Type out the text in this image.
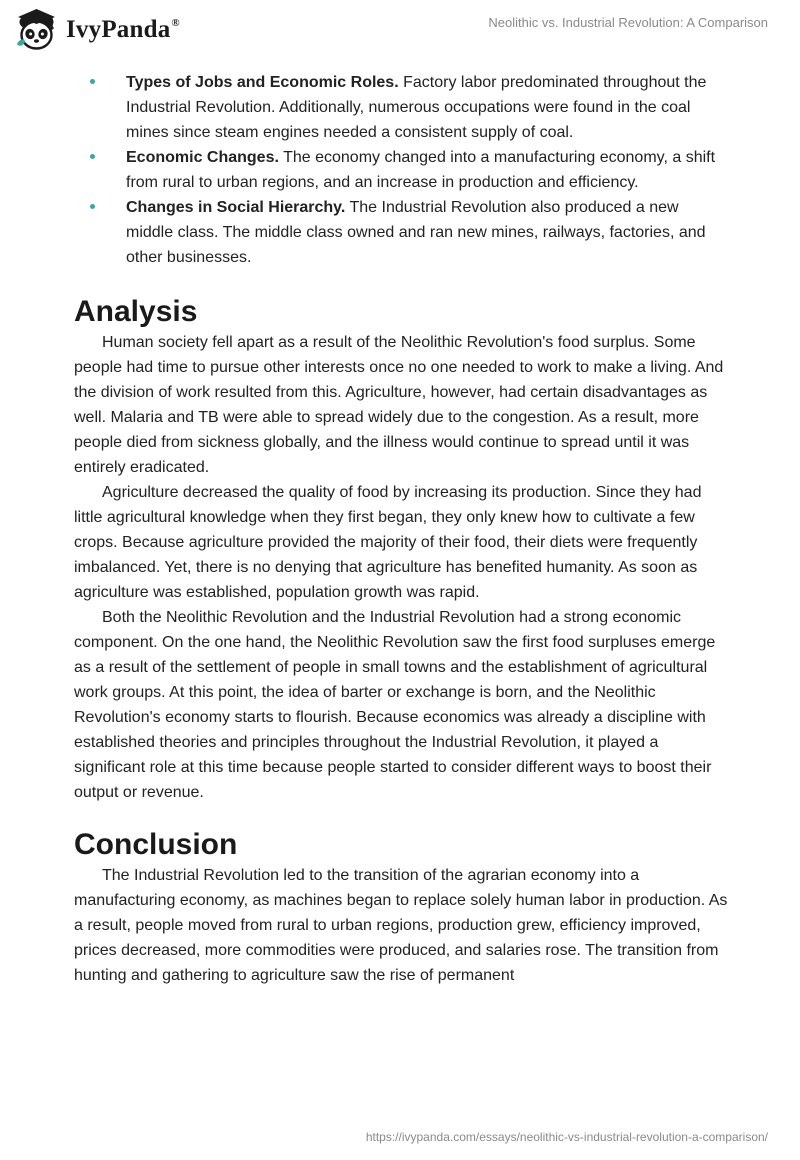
IvyPanda®	Neolithic vs. Industrial Revolution: A Comparison
Types of Jobs and Economic Roles. Factory labor predominated throughout the Industrial Revolution. Additionally, numerous occupations were found in the coal mines since steam engines needed a consistent supply of coal.
Economic Changes. The economy changed into a manufacturing economy, a shift from rural to urban regions, and an increase in production and efficiency.
Changes in Social Hierarchy. The Industrial Revolution also produced a new middle class. The middle class owned and ran new mines, railways, factories, and other businesses.
Analysis

Human society fell apart as a result of the Neolithic Revolution's food surplus. Some people had time to pursue other interests once no one needed to work to make a living. And the division of work resulted from this. Agriculture, however, had certain disadvantages as well. Malaria and TB were able to spread widely due to the congestion. As a result, more people died from sickness globally, and the illness would continue to spread until it was entirely eradicated.

Agriculture decreased the quality of food by increasing its production. Since they had little agricultural knowledge when they first began, they only knew how to cultivate a few crops. Because agriculture provided the majority of their food, their diets were frequently imbalanced. Yet, there is no denying that agriculture has benefited humanity. As soon as agriculture was established, population growth was rapid.

Both the Neolithic Revolution and the Industrial Revolution had a strong economic component. On the one hand, the Neolithic Revolution saw the first food surpluses emerge as a result of the settlement of people in small towns and the establishment of agricultural work groups. At this point, the idea of barter or exchange is born, and the Neolithic Revolution's economy starts to flourish. Because economics was already a discipline with established theories and principles throughout the Industrial Revolution, it played a significant role at this time because people started to consider different ways to boost their output or revenue.

Conclusion

The Industrial Revolution led to the transition of the agrarian economy into a manufacturing economy, as machines began to replace solely human labor in production. As a result, people moved from rural to urban regions, production grew, efficiency improved, prices decreased, more commodities were produced, and salaries rose. The transition from hunting and gathering to agriculture saw the rise of permanent

https://ivypanda.com/essays/neolithic-vs-industrial-revolution-a-comparison/
